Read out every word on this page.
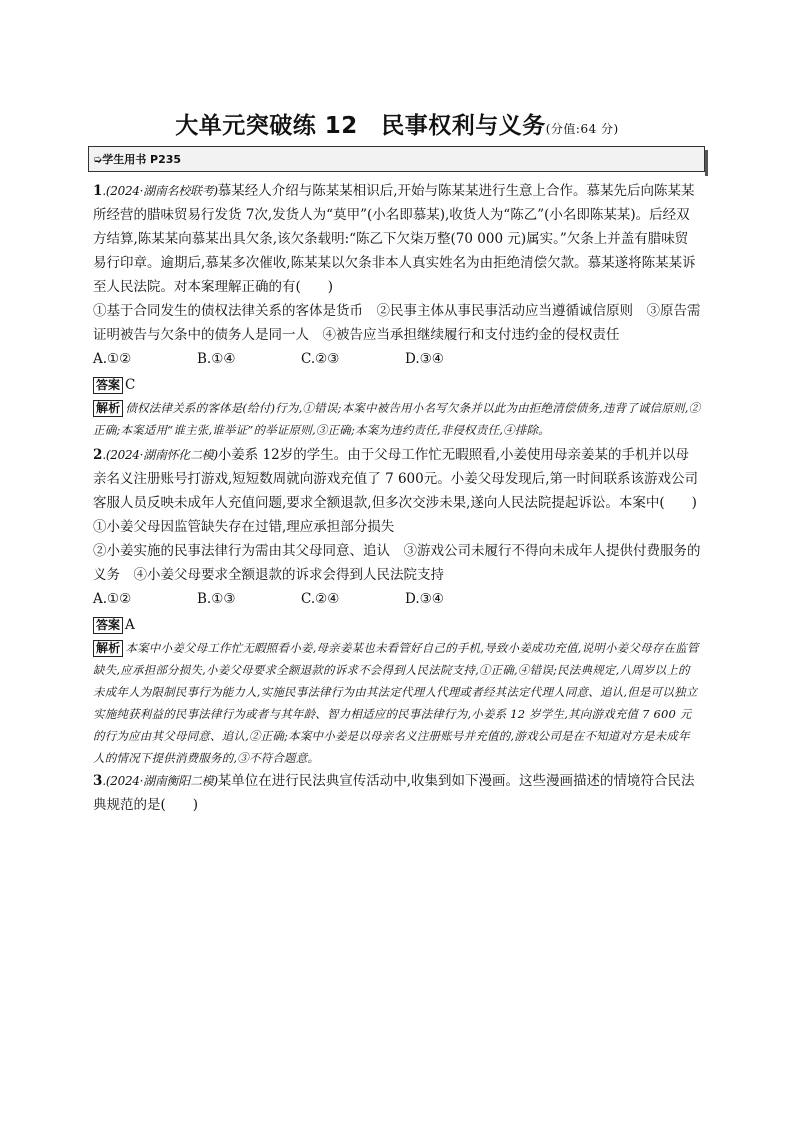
大单元突破练 12　民事权利与义务(分值:64 分)
➭学生用书 P235

1.(2024·湖南名校联考)慕某经人介绍与陈某某相识后,开始与陈某某进行生意上合作。慕某先后向陈某某所经营的腊味贸易行发货 7次,发货人为“莫甲”(小名即慕某),收货人为“陈乙”(小名即陈某某)。后经双方结算,陈某某向慕某出具欠条,该欠条载明:“陈乙下欠柒万整(70 000 元)属实。”欠条上并盖有腊味贸易行印章。逾期后,慕某多次催收,陈某某以欠条非本人真实姓名为由拒绝清偿欠款。慕某遂将陈某某诉至人民法院。对本案理解正确的有(　　)

①基于合同发生的债权法律关系的客体是货币　②民事主体从事民事活动应当遵循诚信原则　③原告需证明被告与欠条中的债务人是同一人　④被告应当承担继续履行和支付违约金的侵权责任

A.①②	B.①④	C.②③	D.③④
答案 C

解析 债权法律关系的客体是(给付)行为,①错误;本案中被告用小名写欠条并以此为由拒绝清偿债务,违背了诚信原则,②正确;本案适用“谁主张,谁举证”的举证原则,③正确;本案为违约责任,非侵权责任,④排除。

2.(2024·湖南怀化二模)小姜系 12岁的学生。由于父母工作忙无暇照看,小姜使用母亲姜某的手机并以母亲名义注册账号打游戏,短短数周就向游戏充值了 7 600元。小姜父母发现后,第一时间联系该游戏公司客服人员反映未成年人充值问题,要求全额退款,但多次交涉未果,遂向人民法院提起诉讼。本案中(　　)

①小姜父母因监管缺失存在过错,理应承担部分损失

②小姜实施的民事法律行为需由其父母同意、追认　③游戏公司未履行不得向未成年人提供付费服务的义务　④小姜父母要求全额退款的诉求会得到人民法院支持

A.①②	B.①③	C.②④	D.③④
答案 A

解析 本案中小姜父母工作忙无暇照看小姜,母亲姜某也未看管好自己的手机,导致小姜成功充值,说明小姜父母存在监管缺失,应承担部分损失,小姜父母要求全额退款的诉求不会得到人民法院支持,①正确,④错误;民法典规定,八周岁以上的未成年人为限制民事行为能力人,实施民事法律行为由其法定代理人代理或者经其法定代理人同意、追认,但是可以独立实施纯获利益的民事法律行为或者与其年龄、智力相适应的民事法律行为,小姜系 12 岁学生,其向游戏充值 7 600 元的行为应由其父母同意、追认,②正确;本案中小姜是以母亲名义注册账号并充值的,游戏公司是在不知道对方是未成年人的情况下提供消费服务的,③不符合题意。

3.(2024·湖南衡阳二模)某单位在进行民法典宣传活动中,收集到如下漫画。这些漫画描述的情境符合民法典规范的是(　　)
